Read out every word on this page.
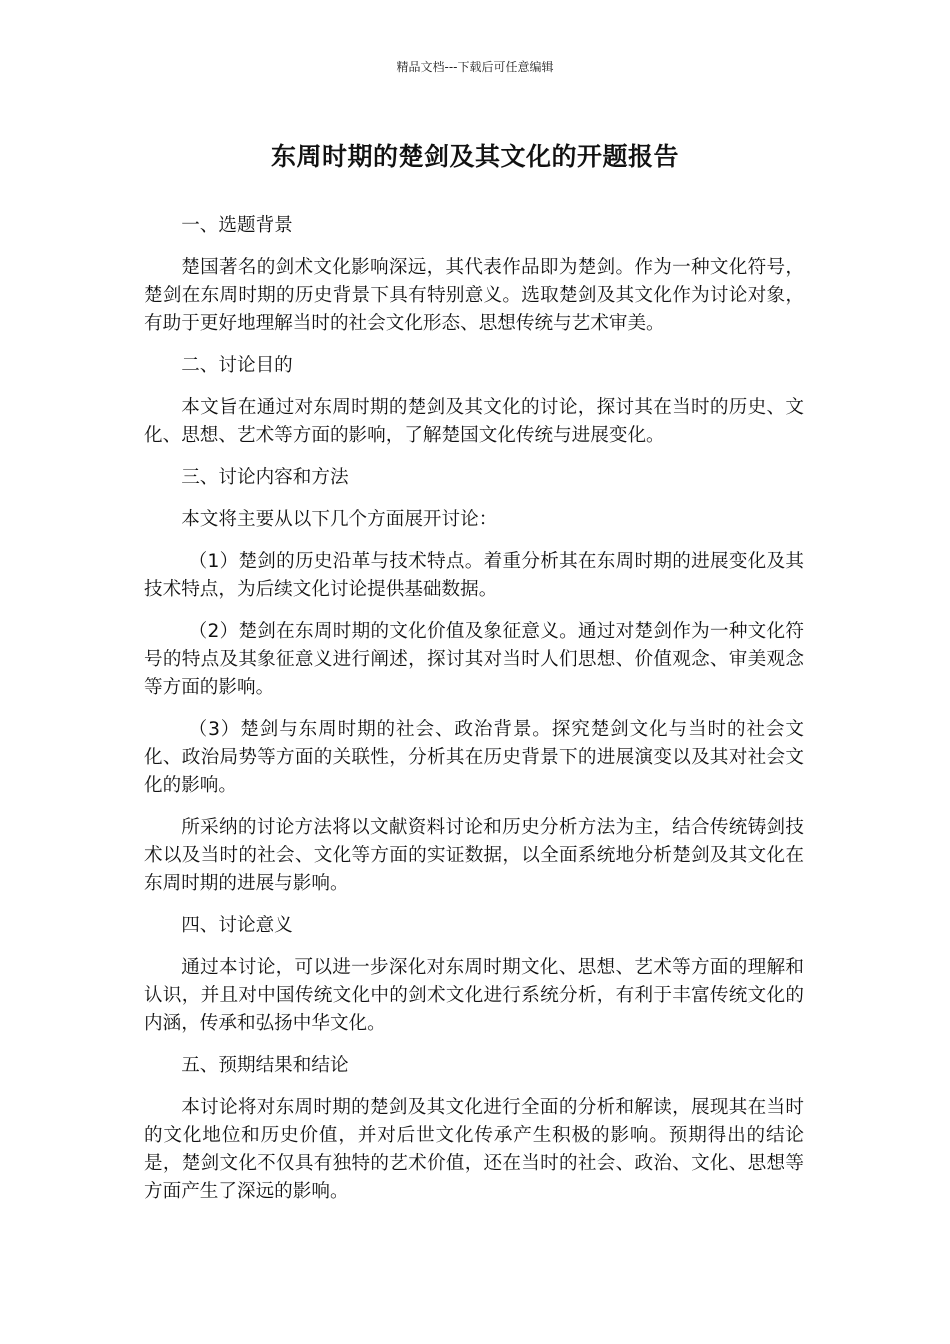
精品文档---下载后可任意编辑
东周时期的楚剑及其文化的开题报告

一、选题背景

楚国著名的剑术文化影响深远，其代表作品即为楚剑。作为一种文化符号，楚剑在东周时期的历史背景下具有特别意义。选取楚剑及其文化作为讨论对象，有助于更好地理解当时的社会文化形态、思想传统与艺术审美。

二、讨论目的

本文旨在通过对东周时期的楚剑及其文化的讨论，探讨其在当时的历史、文化、思想、艺术等方面的影响，了解楚国文化传统与进展变化。

三、讨论内容和方法

本文将主要从以下几个方面展开讨论：

（1）楚剑的历史沿革与技术特点。着重分析其在东周时期的进展变化及其技术特点，为后续文化讨论提供基础数据。

（2）楚剑在东周时期的文化价值及象征意义。通过对楚剑作为一种文化符号的特点及其象征意义进行阐述，探讨其对当时人们思想、价值观念、审美观念等方面的影响。

（3）楚剑与东周时期的社会、政治背景。探究楚剑文化与当时的社会文化、政治局势等方面的关联性，分析其在历史背景下的进展演变以及其对社会文化的影响。

所采纳的讨论方法将以文献资料讨论和历史分析方法为主，结合传统铸剑技术以及当时的社会、文化等方面的实证数据，以全面系统地分析楚剑及其文化在东周时期的进展与影响。

四、讨论意义

通过本讨论，可以进一步深化对东周时期文化、思想、艺术等方面的理解和认识，并且对中国传统文化中的剑术文化进行系统分析，有利于丰富传统文化的内涵，传承和弘扬中华文化。

五、预期结果和结论

本讨论将对东周时期的楚剑及其文化进行全面的分析和解读，展现其在当时的文化地位和历史价值，并对后世文化传承产生积极的影响。预期得出的结论是，楚剑文化不仅具有独特的艺术价值，还在当时的社会、政治、文化、思想等方面产生了深远的影响。
